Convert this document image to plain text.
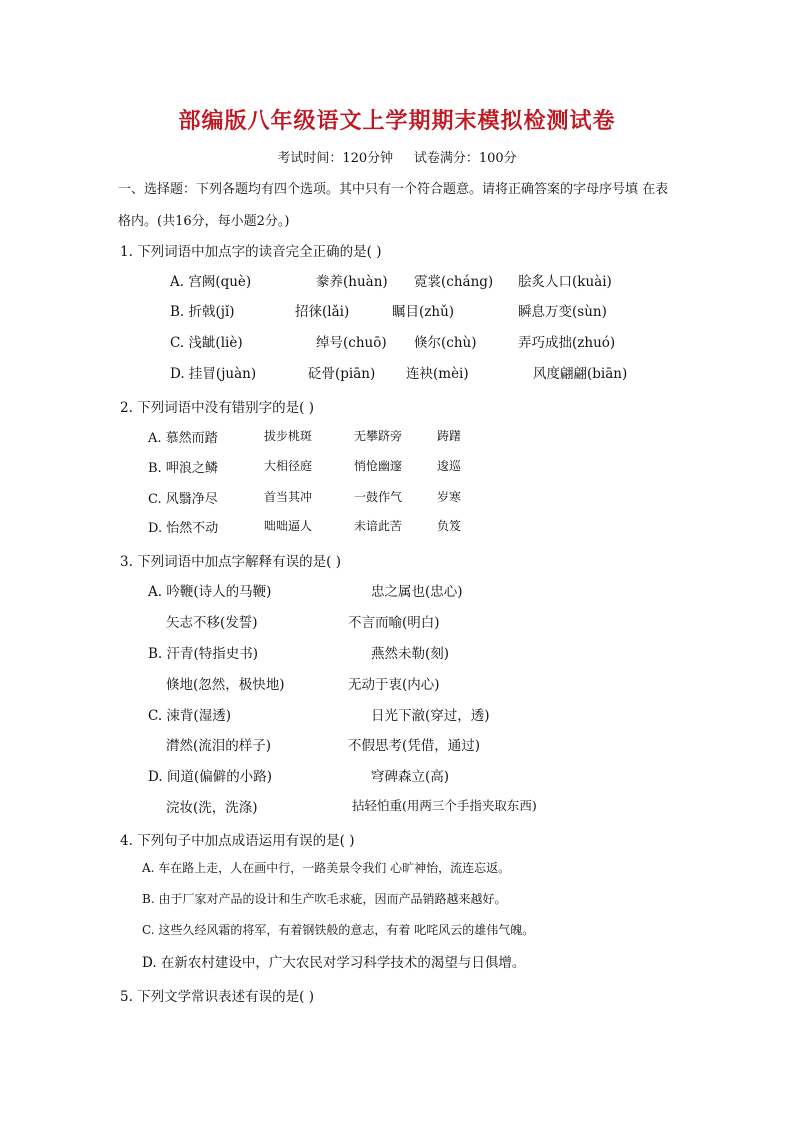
部编版八年级语文上学期期末模拟检测试卷
考试时间：120分钟 试卷满分：100分
一、选择题：下列各题均有四个选项。其中只有一个符合题意。请将正确答案的字母序号填 在表
格内。(共16分，每小题2分。)
1. 下列词语中加点字的读音完全正确的是( )
A. 宫阙(què)	豢养(huàn) 霓裳(cháng) 脍炙人口(kuài)
B. 折戟(jǐ)	招徕(lǎi)	瞩目(zhǔ)	瞬息万变(sùn)
C. 浅龇(liè)	绰号(chuō) 倏尔(chù)	弄巧成拙(zhuó)
D. 挂冒(juàn)	砭骨(piān) 连袂(mèi)	风度翩翩(biān)
2. 下列词语中没有错别字的是( )
A. 慕然而踏	拔步桃斑	无攀跻旁	踌躇
B. 呷浪之鳞	大相径庭	悄怆幽邃	逡巡
C. 风翳净尽	首当其冲	一鼓作气	岁寒
D. 怡然不动	咄咄逼人	未谙此苦	负笈
3. 下列词语中加点字解释有误的是( )
A. 吟鞭(诗人的马鞭)	忠之属也(忠心)
矢志不移(发誓)	不言而喻(明白)
B. 汗青(特指史书)	燕然未勒(刻)
倏地(忽然，极快地)	无动于衷(内心)
C. 涑背(湿透)	日光下澈(穿过，透)
潸然(流泪的样子)	不假思考(凭借，通过)
D. 间道(偏僻的小路)	穹碑森立(高)
浣妆(洗，洗涤)	拈轻怕重(用两三个手指夹取东西)
4. 下列句子中加点成语运用有误的是( )
A. 车在路上走，人在画中行，一路美景令我们 心旷神怡，流连忘返。
B. 由于厂家对产品的设计和生产吹毛求疵，因而产品销路越来越好。
C. 这些久经风霜的将军，有着钢铁般的意志，有着 叱咤风云的雄伟气魄。
D. 在新农村建设中，广大农民对学习科学技术的渴望与日俱增。
5. 下列文学常识表述有误的是( )
